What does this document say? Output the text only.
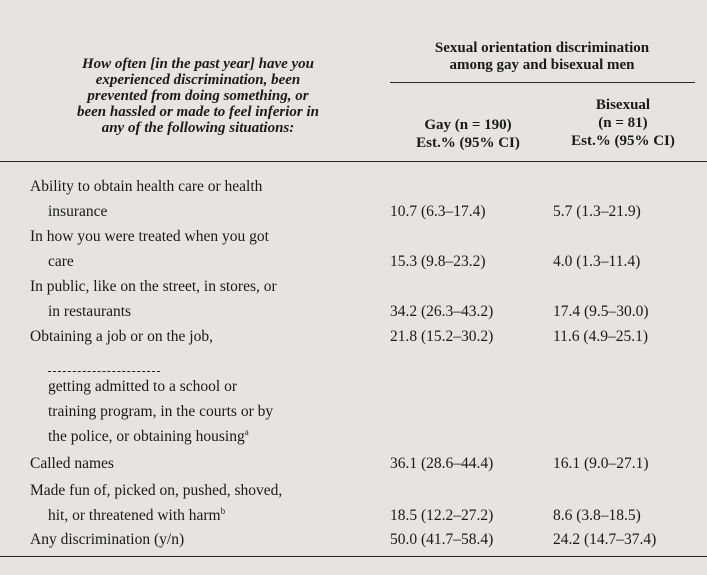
How often [in the past year] have you
experienced discrimination, been
prevented from doing something, or
been hassled or made to feel inferior in
any of the following situations:
Sexual orientation discrimination
among gay and bisexual men
Gay (n = 190)
Est.% (95% CI)
Bisexual
(n = 81)
Est.% (95% CI)
Ability to obtain health care or health
insurance	10.7 (6.3–17.4)	5.7 (1.3–21.9)
In how you were treated when you got
care	15.3 (9.8–23.2)	4.0 (1.3–11.4)
In public, like on the street, in stores, or
in restaurants	34.2 (26.3–43.2)	17.4 (9.5–30.0)
Obtaining a job or on the job,	21.8 (15.2–30.2)	11.6 (4.9–25.1)
getting admitted to a school or
training program, in the courts or by
the police, or obtaining housing$^a$
Called names	36.1 (28.6–44.4)	16.1 (9.0–27.1)
Made fun of, picked on, pushed, shoved,
hit, or threatened with harm$^b$	18.5 (12.2–27.2)	8.6 (3.8–18.5)
Any discrimination (y/n)	50.0 (41.7–58.4)	24.2 (14.7–37.4)
